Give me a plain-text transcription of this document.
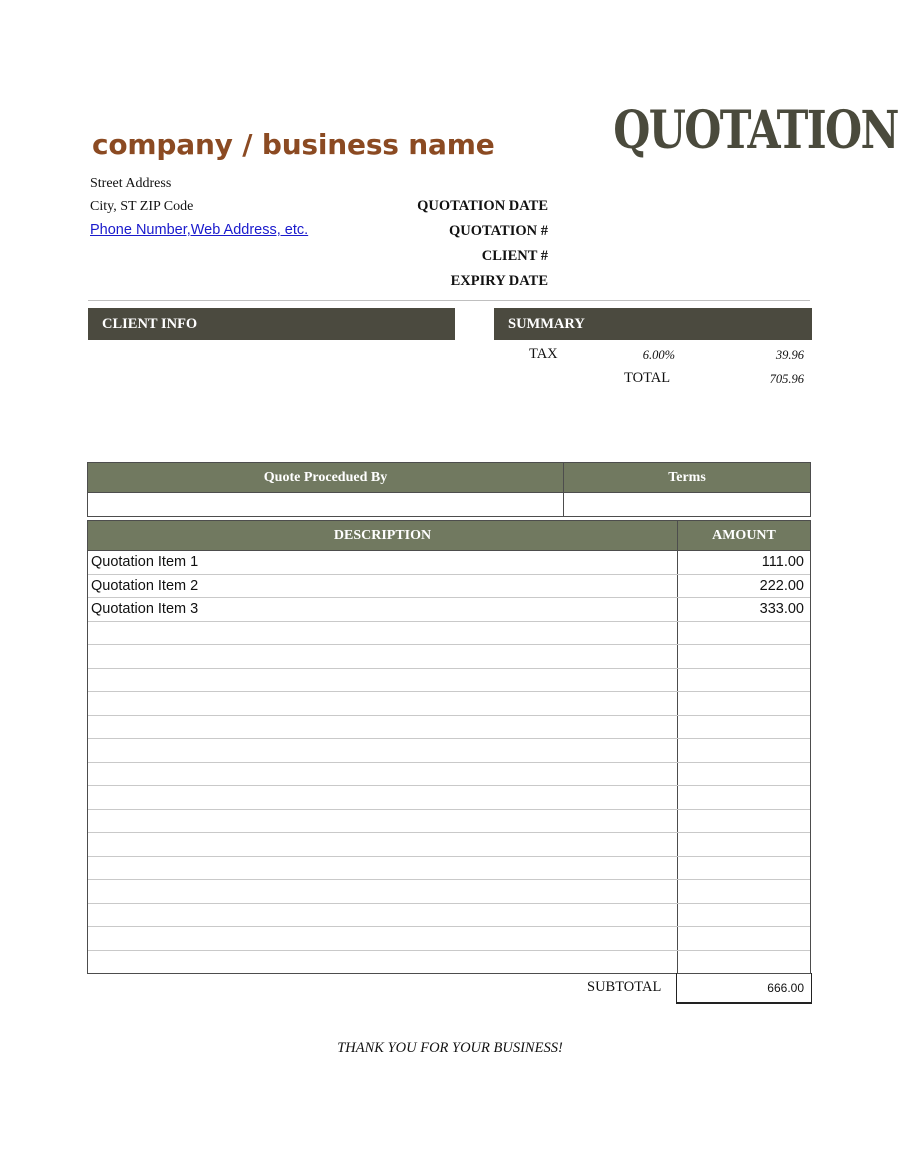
company / business name QUOTATION
Street Address
City, ST ZIP Code
Phone Number,Web Address, etc.
QUOTATION DATE
QUOTATION #
CLIENT #
EXPIRY DATE
CLIENT INFO	SUMMARY
TAX	6.00%	39.96
TOTAL	705.96
Quote Procedued By	Terms
DESCRIPTION	AMOUNT
Quotation Item 1	111.00
Quotation Item 2	222.00
Quotation Item 3	333.00
SUBTOTAL	666.00
THANK YOU FOR YOUR BUSINESS!
